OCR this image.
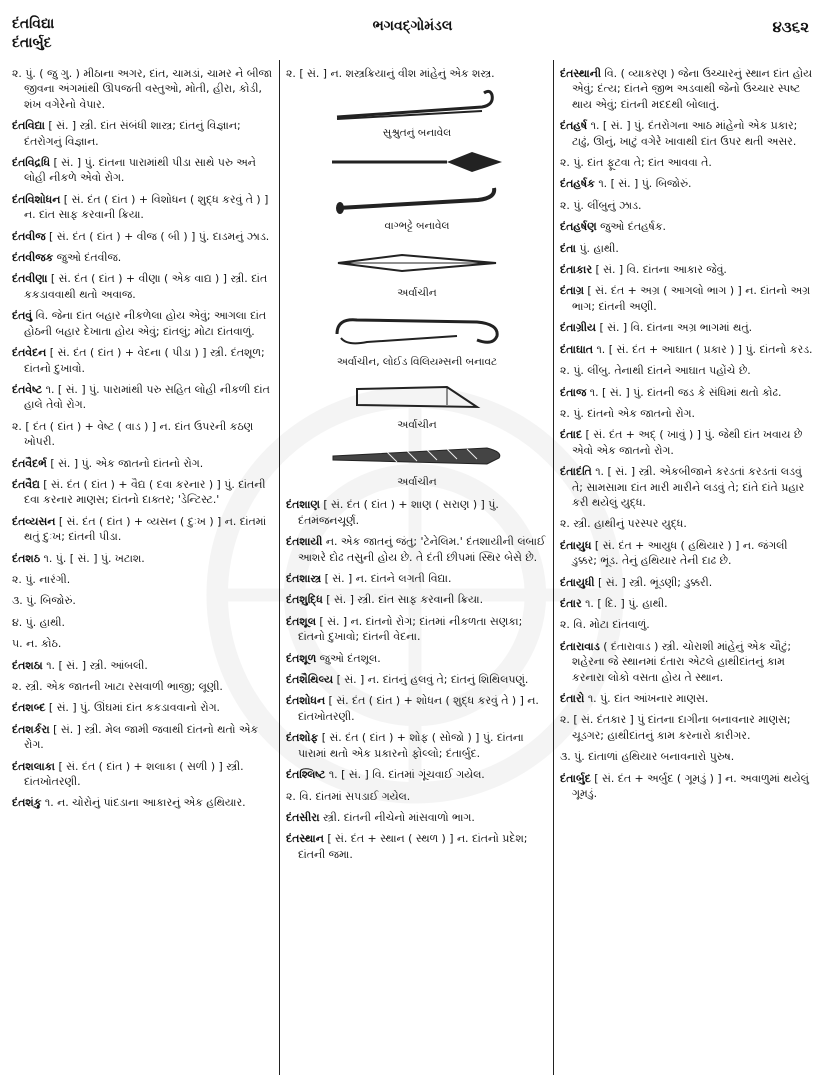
દંતવિદ્યા
દંતાર્બુદ
ભગવદ્ગોમંડલ	૪૩૬૨
૨. પું. ( જુ ગુ. ) મીઠાના અગર, દાંત, ચામડાં, ચામર ને બીજા જીવના અંગમાંથી ઊપજતી વસ્તુઓ, મોતી, હીરા, કોડી, શંખ વગેરેનો વેપાર.
દંતવિદ્યા [ સં. ] સ્ત્રી. દાંત સંબંધી શાસ્ત્ર; દાંતનું વિજ્ઞાન; દંતરોગનું વિજ્ઞાન.
દંતવિદ્રધિ [ સં. ] પું. દાંતના પારામાંથી પીડા સાથે પરુ અને લોહી નીકળે એવો રોગ.
દંતવિશોધન [ સં. દંત ( દાંત ) + વિશોધન ( શુદ્ધ કરવું તે ) ] ન. દાંત સાફ કરવાની ક્રિયા.
દંતવીજ [ સં. દંત ( દાંત ) + વીજ ( બી ) ] પું. દાડમનું ઝાડ.
દંતવીજક જુઓ દંતવીજ.
દંતવીણા [ સં. દંત ( દાંત ) + વીણા ( એક વાદ્ય ) ] સ્ત્રી. દાંત કકડાવવાથી થતો અવાજ.
દંતવું વિ. જેના દાંત બહાર નીકળેલા હોય એવું; આગલા દાંત હોઠની બહાર દેખાતા હોય એવું; દાંતલું; મોટા દાંતવાળું.
દંતવેદન [ સં. દંત ( દાંત ) + વેદના ( પીડા ) ] સ્ત્રી. દંતશૂળ; દાંતનો દુખાવો.
દંતવેષ્ટ ૧. [ સં. ] પું. પારામાંથી પરુ સહિત લોહી નીકળી દાંત હાલે તેવો રોગ.
૨. [ દંત ( દાંત ) + વેષ્ટ ( વાડ ) ] ન. દાંત ઉપરની કઠણ ખોપરી.
દંતવૈદર્ભ [ સં. ] પું. એક જાતનો દાંતનો રોગ.
દંતવૈદ્ય [ સં. દંત ( દાંત ) + વૈદ્ય ( દવા કરનાર ) ] પું. દાંતની દવા કરનાર માણસ; દાંતનો દાક્તર; 'ડેન્ટિસ્ટ.'
દંતવ્યસન [ સં. દંત ( દાંત ) + વ્યસન ( દુઃખ ) ] ન. દાંતમાં થતું દુઃખ; દાંતની પીડા.
દંતશઠ ૧. પું. [ સં. ] પું. ખટાશ.
૨. પું. નારંગી.
૩. પું. બિજોરું.
૪. પું. હાથી.
૫. ન. કોઠ.
દંતશઠા ૧. [ સં. ] સ્ત્રી. આંબલી.
૨. સ્ત્રી. એક જાતની ખાટા રસવાળી ભાજી; લૂણી.
દંતશબ્દ [ સં. ] પું. ઊંઘમાં દાંત કકડાવવાનો રોગ.
દંતશર્કરા [ સં. ] સ્ત્રી. મેલ જામી જવાથી દાંતનો થતો એક રોગ.
દંતશલાકા [ સં. દંત ( દાંત ) + શલાકા ( સળી ) ] સ્ત્રી. દાંતખોતરણી.
દંતશંકુ ૧. ન. ચોરોનું પાંદડાના આકારનું એક હથિયાર.
૨. [ સં. ] ન. શસ્ત્રક્રિયાનું વીશ માંહેનું એક શસ્ત્ર.
સુશ્રુતનું બનાવેલ
વાગ્ભટ્ટે બનાવેલ
અર્વાચીન
અર્વાચીન, લોઈડ વિલિયમ્સની બનાવટ
અર્વાચીન
અર્વાચીન
દંતશાણ [ સં. દંત ( દાંત ) + શાણ ( સરાણ ) ] પું. દંતમંજનચૂર્ણ.
દંતશાયી ન. એક જાતનું જંતુ; 'ટેનેલિમ.' દંતશાયીની લંબાઈ આશરે દોઢ તસુની હોય છે. તે દંતી છીપમાં સ્થિર બેસે છે.
દંતશાસ્ત્ર [ સં. ] ન. દાંતને લગતી વિદ્યા.
દંતશુદ્ધિ [ સં. ] સ્ત્રી. દાંત સાફ કરવાની ક્રિયા.
દંતશૂલ [ સં. ] ન. દાંતનો રોગ; દાંતમાં નીકળતા સણકા; દાંતનો દુખાવો; દાંતની વેદના.
દંતશૂળ જુઓ દંતશૂલ.
દંતશૈથિલ્ય [ સં. ] ન. દાંતનું હલવું તે; દાંતનું શિથિલપણું.
દંતશોધન [ સં. દંત ( દાંત ) + શોધન ( શુદ્ધ કરવું તે ) ] ન. દાંતખોતરણી.
દંતશોફ [ સં. દંત ( દાંત ) + શોફ ( સોજો ) ] પું. દાંતના પારામાં થતો એક પ્રકારનો ફોલ્લો; દંતાર્બુદ.
દંતશ્લિષ્ટ ૧. [ સં. ] વિ. દાંતમાં ગૂંચવાઈ ગયેલ.
૨. વિ. દાંતમાં સપડાઈ ગયેલ.
દંતસીરા સ્ત્રી. દાંતની નીચેનો માંસવાળો ભાગ.
દંતસ્થાન [ સં. દંત + સ્થાન ( સ્થળ ) ] ન. દાંતનો પ્રદેશ; દાંતની જમા.
દંતસ્થાની વિ. ( વ્યાકરણ ) જેના ઉચ્ચારનું સ્થાન દાંત હોય એવું; દંત્ય; દાંતને જીભ અડવાથી જેનો ઉચ્ચાર સ્પષ્ટ થાય એવું; દાંતની મદદથી બોલાતું.
દંતહર્ષ ૧. [ સં. ] પું. દંતરોગના આઠ માંહેનો એક પ્રકાર; ટાઢું, ઊનું, ખાટું વગેરે ખાવાથી દાંત ઉપર થતી અસર.
૨. પું. દાંત ફૂટવા તે; દાંત આવવા તે.
દંતહર્ષક ૧. [ સં. ] પું. બિજોરું.
૨. પું. લીંબુનું ઝાડ.
દંતહર્ષણ જુઓ દંતહર્ષક.
દંતા પું. હાથી.
દંતાકાર [ સં. ] વિ. દાંતના આકાર જેવું.
દંતાગ્ર [ સં. દંત + અગ્ર ( આગલો ભાગ ) ] ન. દાંતનો અગ્ર ભાગ; દાંતની અણી.
દંતાગ્રીય [ સં. ] વિ. દાંતના અગ્ર ભાગમાં થતું.
દંતાઘાત ૧. [ સં. દંત + આઘાત ( પ્રકાર ) ] પું. દાંતનો કરડ.
૨. પું. લીંબુ. તેનાથી દાંતને આઘાત પહોંચે છે.
દંતાજ ૧. [ સં. ] પું. દાંતની જડ કે સંધિમાં થતો કોઢ.
૨. પું. દાંતનો એક જાતનો રોગ.
દંતાદ [ સં. દંત + અદ્ ( ખાવું ) ] પું. જેથી દાંત ખવાય છે એવો એક જાતનો રોગ.
દંતાદંતિ ૧. [ સં. ] સ્ત્રી. એકબીજાને કરડતાં કરડતાં લડવું તે; સામસામા દાંત મારી મારીને લડવું તે; દાંતે દાંતે પ્રહાર કરી થયેલું યુદ્ધ.
૨. સ્ત્રી. હાથીનું પરસ્પર યુદ્ધ.
દંતાયુધ [ સં. દંત + આયુધ ( હથિયાર ) ] ન. જંગલી ડુક્કર; ભૂંડ. તેનું હથિયાર તેની દાઢ છે.
દંતાયુધી [ સં. ] સ્ત્રી. ભૂંડણી; ડુક્કરી.
દંતાર ૧. [ દિ. ] પું. હાથી.
૨. વિ. મોટા દાંતવાળું.
દંતારાવાડ ( દંતારાવાડ ) સ્ત્રી. ચોરાશી માંહેનું એક ચૌટું; શહેરના જે સ્થાનમાં દંતારા એટલે હાથીદાંતનું કામ કરનારા લોકો વસતા હોય તે સ્થાન.
દંતારો ૧. પું. દાંત આંખનાર માણસ.
૨. [ સં. દંતકાર ] પું દાંતના દાગીના બનાવનાર માણસ; ચૂડગર; હાથીદાંતનું કામ કરનારો કારીગર.
૩. પું. દાંતાળાં હથિયાર બનાવનારો પુરુષ.
દંતાર્બુદ [ સં. દંત + અર્બુદ ( ગૂમડું ) ] ન. અવાળુમાં થયેલું ગૂમડું.
